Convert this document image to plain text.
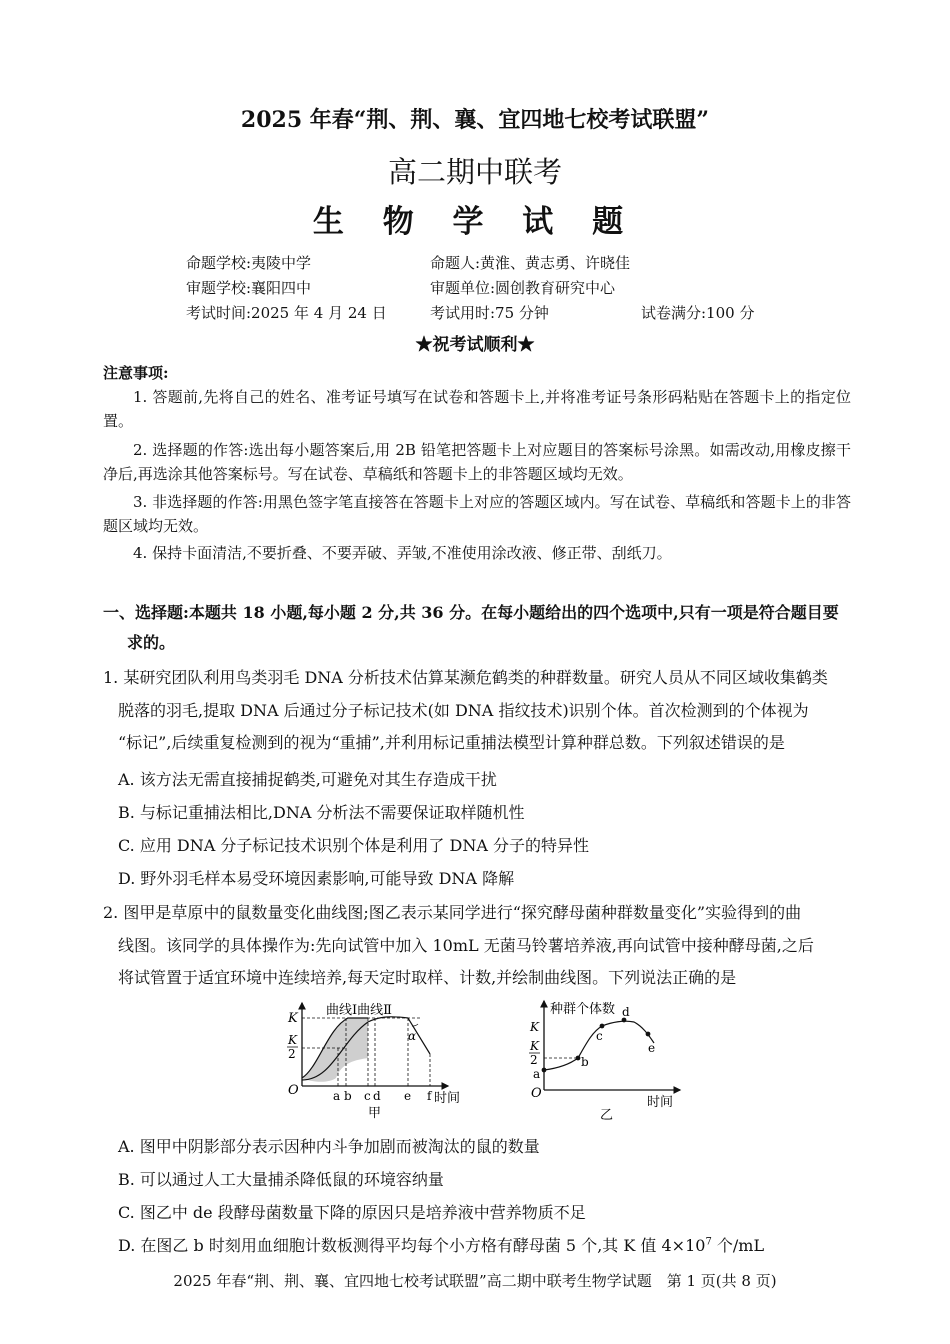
2025 年春“荆、荆、襄、宜四地七校考试联盟”
高二期中联考
生 物 学 试 题
命题学校:夷陵中学	命题人:黄淮、黄志勇、许晓佳
审题学校:襄阳四中	审题单位:圆创教育研究中心
考试时间:2025 年 4 月 24 日	考试用时:75 分钟	试卷满分:100 分
★祝考试顺利★
注意事项:
1. 答题前,先将自己的姓名、准考证号填写在试卷和答题卡上,并将准考证号条形码粘贴在答题卡上的指定位置。
2. 选择题的作答:选出每小题答案后,用 2B 铅笔把答题卡上对应题目的答案标号涂黑。如需改动,用橡皮擦干净后,再选涂其他答案标号。写在试卷、草稿纸和答题卡上的非答题区域均无效。
3. 非选择题的作答:用黑色签字笔直接答在答题卡上对应的答题区域内。写在试卷、草稿纸和答题卡上的非答题区域均无效。
4. 保持卡面清洁,不要折叠、不要弄破、弄皱,不准使用涂改液、修正带、刮纸刀。
一、选择题:本题共 18 小题,每小题 2 分,共 36 分。在每小题给出的四个选项中,只有一项是符合题目要
求的。
1. 某研究团队利用鸟类羽毛 DNA 分析技术估算某濒危鹤类的种群数量。研究人员从不同区域收集鹤类
脱落的羽毛,提取 DNA 后通过分子标记技术(如 DNA 指纹技术)识别个体。首次检测到的个体视为
“标记”,后续重复检测到的视为“重捕”,并利用标记重捕法模型计算种群总数。下列叙述错误的是
A. 该方法无需直接捕捉鹤类,可避免对其生存造成干扰
B. 与标记重捕法相比,DNA 分析法不需要保证取样随机性
C. 应用 DNA 分子标记技术识别个体是利用了 DNA 分子的特异性
D. 野外羽毛样本易受环境因素影响,可能导致 DNA 降解
2. 图甲是草原中的鼠数量变化曲线图;图乙表示某同学进行“探究酵母菌种群数量变化”实验得到的曲
线图。该同学的具体操作为:先向试管中加入 10mL 无菌马铃薯培养液,再向试管中接种酵母菌,之后
将试管置于适宜环境中连续培养,每天定时取样、计数,并绘制曲线图。下列说法正确的是
曲线Ⅰ曲线Ⅱ
K
K
2
O	a b c d e f 时间
α
甲
种群个体数
K
K
2
O
a
b
c
d
e
时间
乙
A. 图甲中阴影部分表示因种内斗争加剧而被淘汰的鼠的数量
B. 可以通过人工大量捕杀降低鼠的环境容纳量
C. 图乙中 de 段酵母菌数量下降的原因只是培养液中营养物质不足
D. 在图乙 b 时刻用血细胞计数板测得平均每个小方格有酵母菌 5 个,其 K 值 $4\times 10^7$ 个/mL
2025 年春“荆、荆、襄、宜四地七校考试联盟”高二期中联考生物学试题　第 1 页(共 8 页)
